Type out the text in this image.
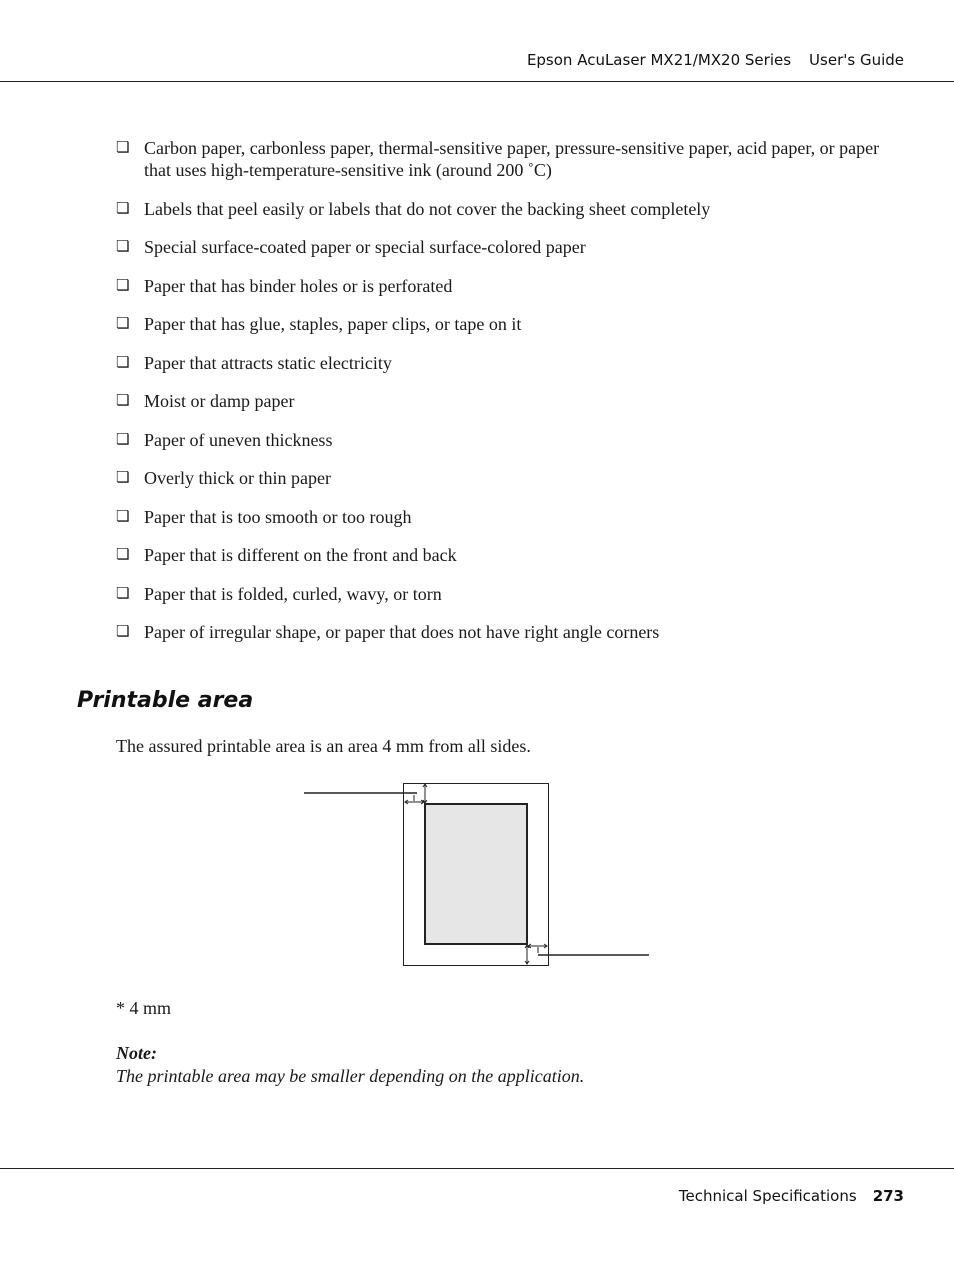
Epson AcuLaser MX21/MX20 Series User's Guide
❏ Carbon paper, carbonless paper, thermal-sensitive paper, pressure-sensitive paper, acid paper, or paper that uses high-temperature-sensitive ink (around 200 ˚C)
❏ Labels that peel easily or labels that do not cover the backing sheet completely
❏ Special surface-coated paper or special surface-colored paper
❏ Paper that has binder holes or is perforated
❏ Paper that has glue, staples, paper clips, or tape on it
❏ Paper that attracts static electricity
❏ Moist or damp paper
❏ Paper of uneven thickness
❏ Overly thick or thin paper
❏ Paper that is too smooth or too rough
❏ Paper that is different on the front and back
❏ Paper that is folded, curled, wavy, or torn
❏ Paper of irregular shape, or paper that does not have right angle corners
Printable area
The assured printable area is an area 4 mm from all sides.
* 4 mm
Note:
The printable area may be smaller depending on the application.
Technical Specifications 273
